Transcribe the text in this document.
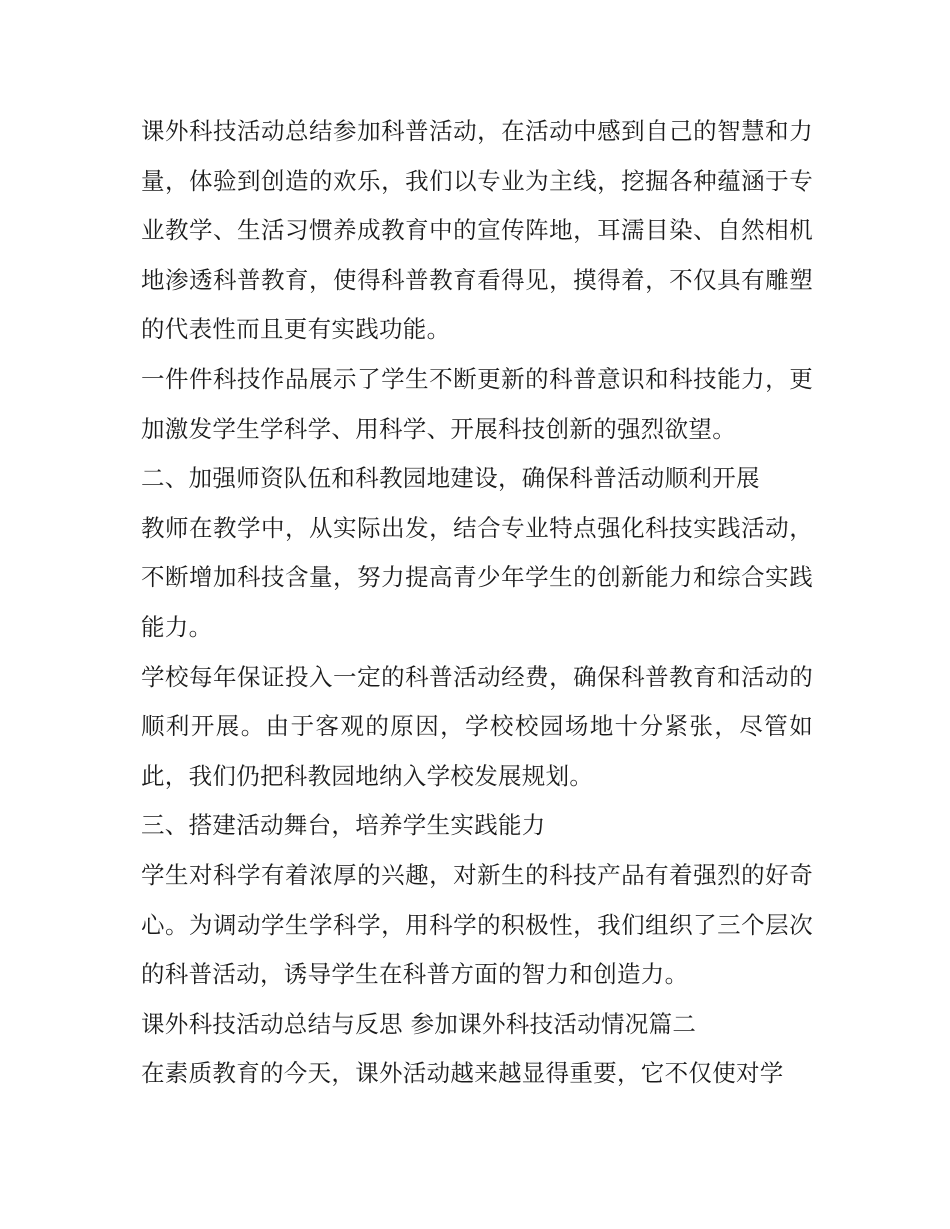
课外科技活动总结参加科普活动，在活动中感到自己的智慧和力量，体验到创造的欢乐，我们以专业为主线，挖掘各种蕴涵于专业教学、生活习惯养成教育中的宣传阵地，耳濡目染、自然相机地渗透科普教育，使得科普教育看得见，摸得着，不仅具有雕塑的代表性而且更有实践功能。

一件件科技作品展示了学生不断更新的科普意识和科技能力，更加激发学生学科学、用科学、开展科技创新的强烈欲望。

二、加强师资队伍和科教园地建设，确保科普活动顺利开展

教师在教学中，从实际出发，结合专业特点强化科技实践活动，不断增加科技含量，努力提高青少年学生的创新能力和综合实践能力。

学校每年保证投入一定的科普活动经费，确保科普教育和活动的顺利开展。由于客观的原因，学校校园场地十分紧张，尽管如此，我们仍把科教园地纳入学校发展规划。

三、搭建活动舞台，培养学生实践能力

学生对科学有着浓厚的兴趣，对新生的科技产品有着强烈的好奇心。为调动学生学科学，用科学的积极性，我们组织了三个层次的科普活动，诱导学生在科普方面的智力和创造力。

课外科技活动总结与反思 参加课外科技活动情况篇二

在素质教育的今天，课外活动越来越显得重要，它不仅使对学
